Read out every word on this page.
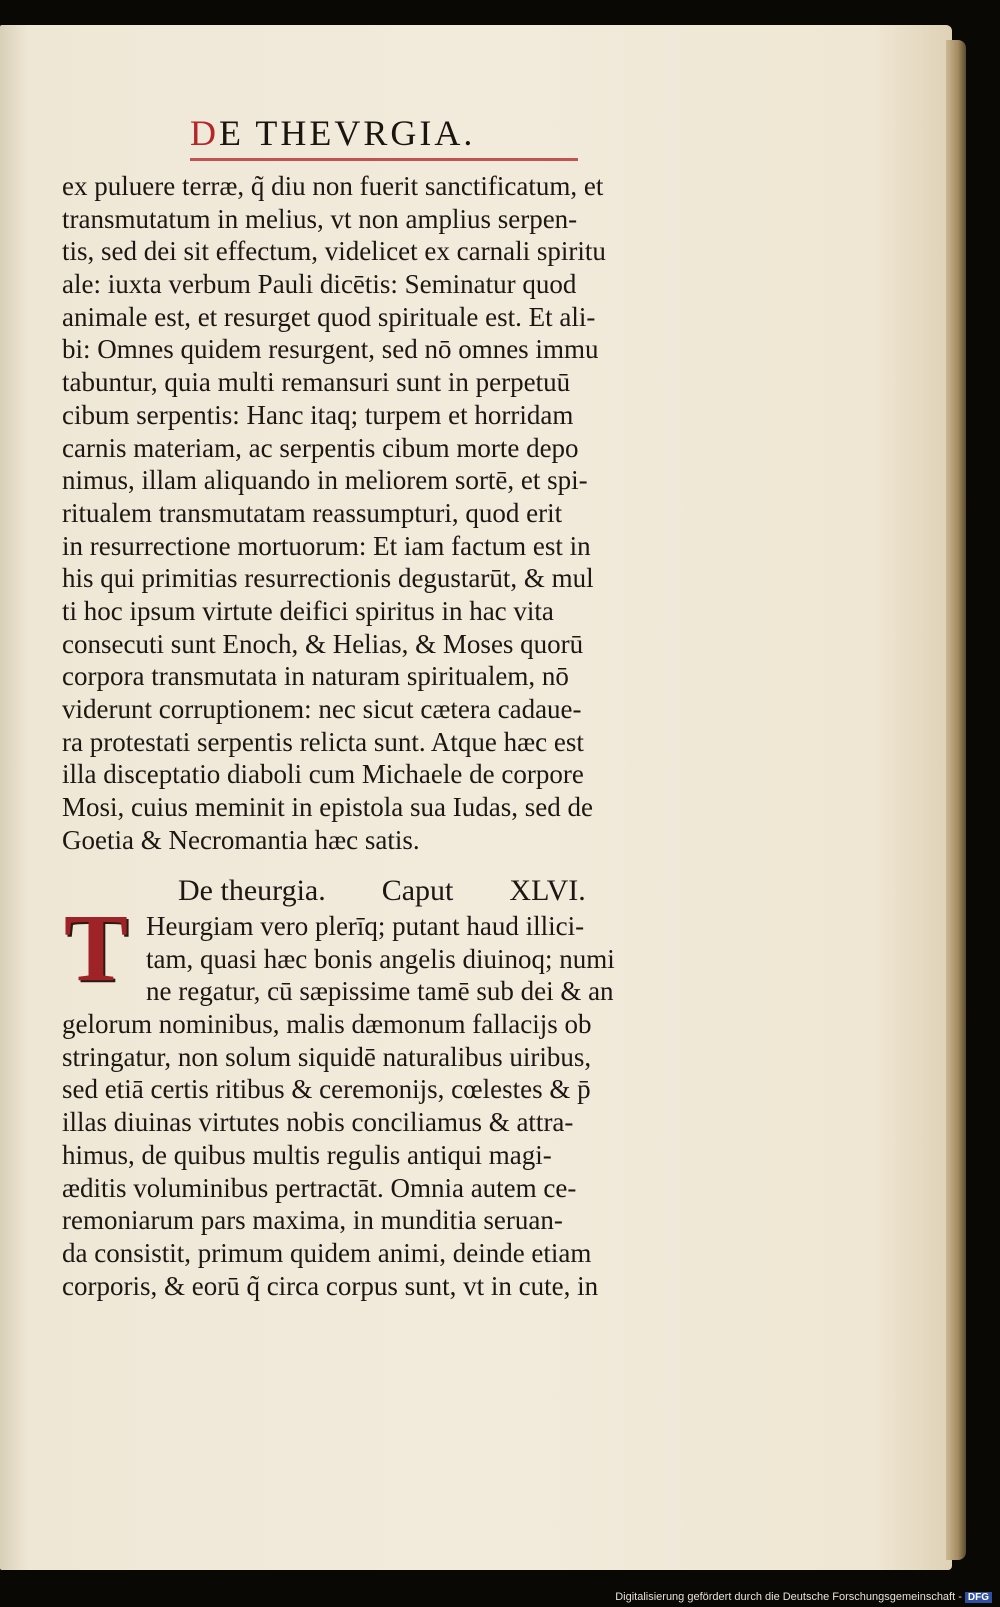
DE THEVRGIA.
ex puluere terræ, q̃ diu non fuerit sanctificatum, et
transmutatum in melius, vt non amplius serpen-
tis, sed dei sit effectum, videlicet ex carnali spiritu
ale: iuxta verbum Pauli dicētis: Seminatur quod
animale est, et resurget quod spirituale est. Et ali-
bi: Omnes quidem resurgent, sed nō omnes immu
tabuntur, quia multi remansuri sunt in perpetuū
cibum serpentis: Hanc itaq; turpem et horridam
carnis materiam, ac serpentis cibum morte depo
nimus, illam aliquando in meliorem sortē, et spi-
ritualem transmutatam reassumpturi, quod erit
in resurrectione mortuorum: Et iam factum est in
his qui primitias resurrectionis degustarūt, & mul
ti hoc ipsum virtute deifici spiritus in hac vita
consecuti sunt Enoch, & Helias, & Moses quorū
corpora transmutata in naturam spiritualem, nō
viderunt corruptionem: nec sicut cætera cadaue-
ra protestati serpentis relicta sunt. Atque hæc est
illa disceptatio diaboli cum Michaele de corpore
Mosi, cuius meminit in epistola sua Iudas, sed de
Goetia & Necromantia hæc satis.
De theurgia. Caput XLVI.
T Heurgiam vero plerīq; putant haud illici-
tam, quasi hæc bonis angelis diuinoq; numi
ne regatur, cū sæpissime tamē sub dei & an
gelorum nominibus, malis dæmonum fallacijs ob
stringatur, non solum siquidē naturalibus uiribus,
sed etiā certis ritibus & ceremonijs, cœlestes & p̄
illas diuinas virtutes nobis conciliamus & attra-
himus, de quibus multis regulis antiqui magi-
æditis voluminibus pertractāt. Omnia autem ce-
remoniarum pars maxima, in munditia seruan-
da consistit, primum quidem animi, deinde etiam
corporis, & eorū q̃ circa corpus sunt, vt in cute, in
Digitalisierung gefördert durch die Deutsche Forschungsgemeinschaft - DFG
